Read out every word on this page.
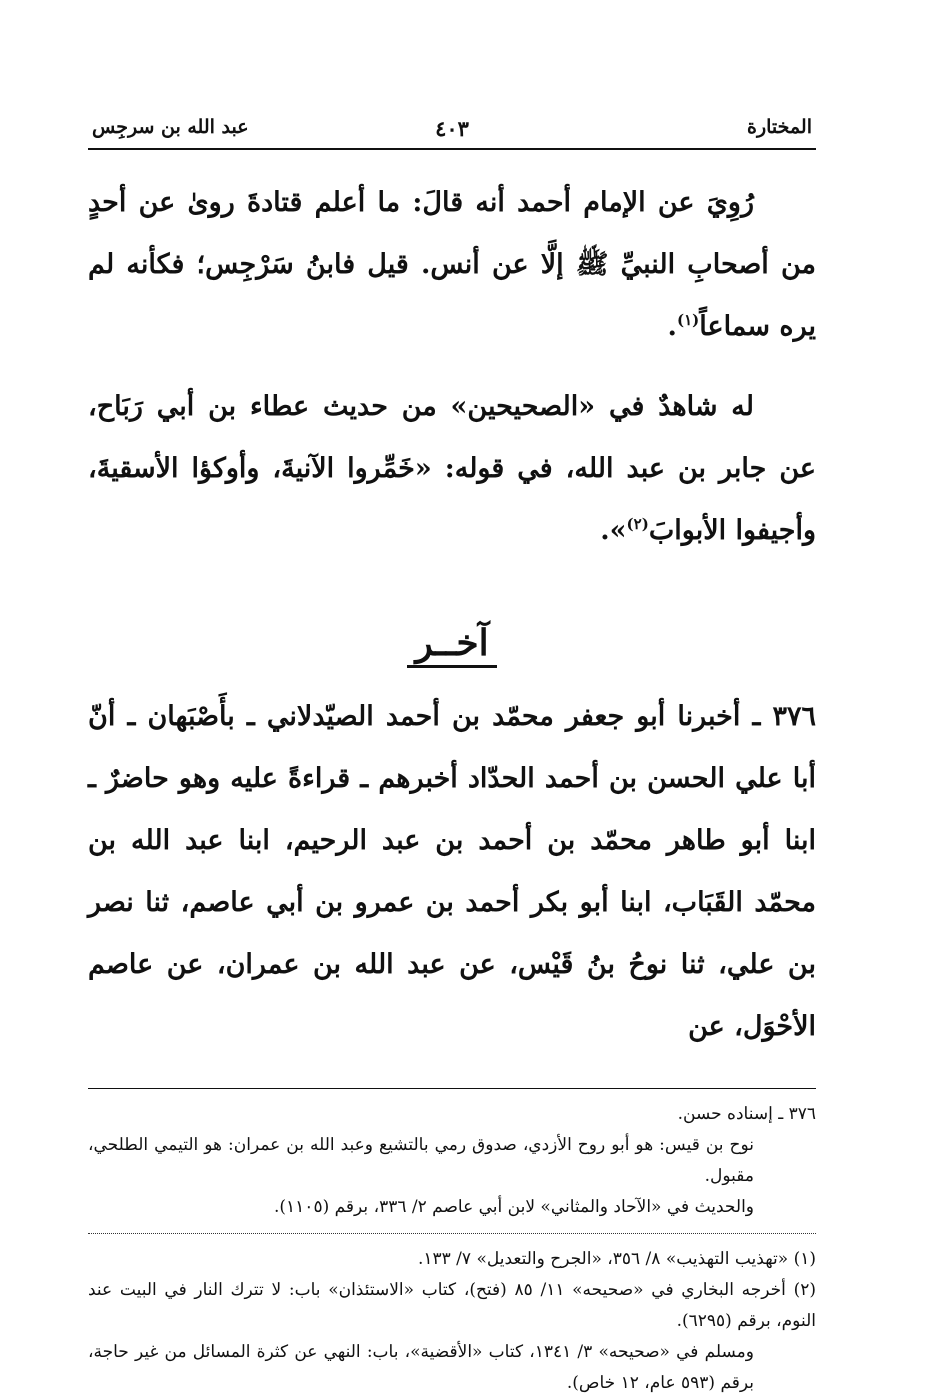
المختارة
٤٠٣
عبد الله بن سرجِس

رُوِيَ عن الإمام أحمد أنه قالَ: ما أعلم قتادةَ روىٰ عن أحدٍ من أصحابِ النبيِّ ﷺ إلَّا عن أنس. قيل فابنُ سَرْجِس؛ فكأنه لم يره سماعاً$^{(١)}$.

له شاهدٌ في «الصحيحين» من حديث عطاء بن أبي رَبَاح، عن جابر بن عبد الله، في قوله: «خَمِّروا الآنيةَ، وأوكؤا الأسقيةَ، وأجيفوا الأبوابَ$^{(٢)}$».

آخــر

٣٧٦ ـ أخبرنا أبو جعفر محمّد بن أحمد الصيّدلاني ـ بأَصْبَهان ـ أنّ أبا علي الحسن بن أحمد الحدّاد أخبرهم ـ قراءةً عليه وهو حاضرٌ ـ ابنا أبو طاهر محمّد بن أحمد بن عبد الرحيم، ابنا عبد الله بن محمّد القَبَاب، ابنا أبو بكر أحمد بن عمرو بن أبي عاصم، ثنا نصر بن علي، ثنا نوحُ بنُ قَيْس، عن عبد الله بن عمران، عن عاصم الأحْوَل، عن

٣٧٦ ـ إسناده حسن.

نوح بن قيس: هو أبو روح الأزدي، صدوق رمي بالتشيع وعبد الله بن عمران: هو التيمي الطلحي، مقبول.

والحديث في «الآحاد والمثاني» لابن أبي عاصم ٢/ ٣٣٦، برقم (١١٠٥).

(١) «تهذيب التهذيب» ٨/ ٣٥٦، «الجرح والتعديل» ٧/ ١٣٣.

(٢) أخرجه البخاري في «صحيحه» ١١/ ٨٥ (فتح)، كتاب «الاستئذان» باب: لا تترك النار في البيت عند النوم، برقم (٦٢٩٥).

ومسلم في «صحيحه» ٣/ ١٣٤١، كتاب «الأقضية»، باب: النهي عن كثرة المسائل من غير حاجة، برقم (٥٩٣ عام، ١٢ خاص).
